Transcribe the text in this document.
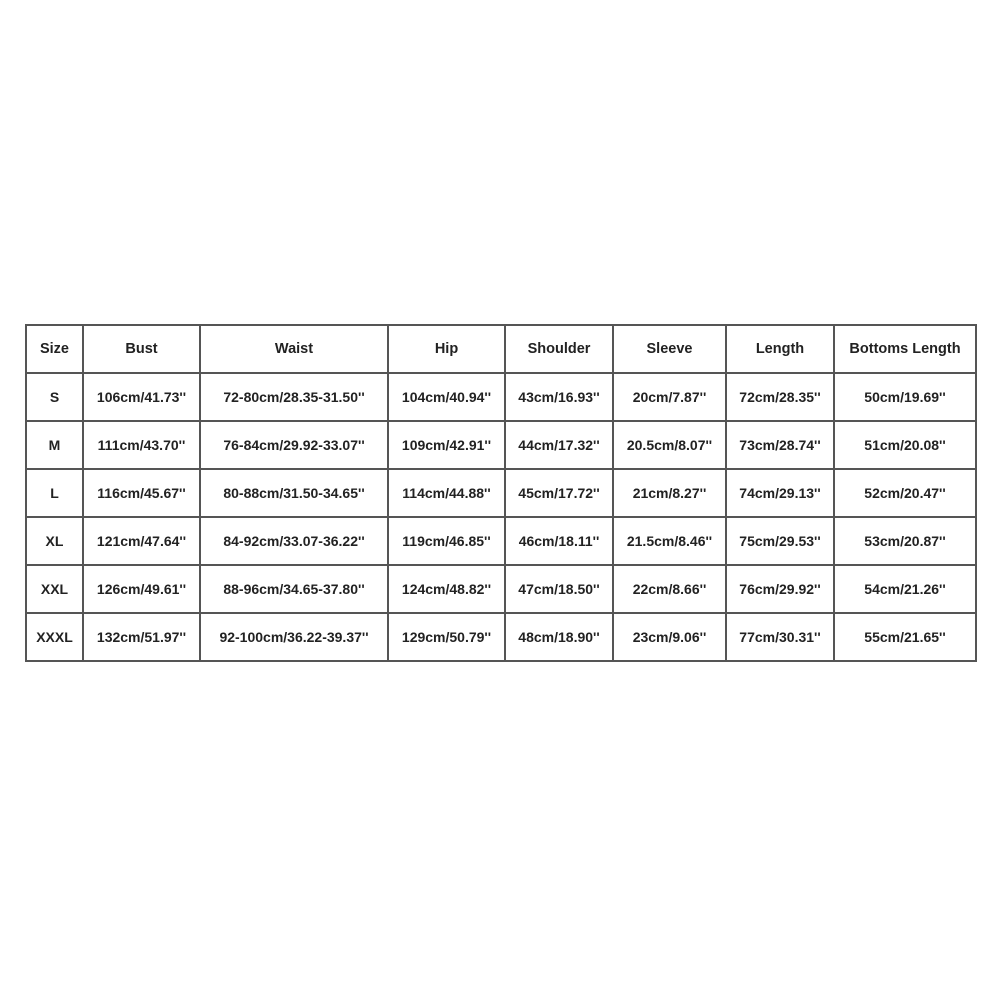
Size	Bust	Waist	Hip	Shoulder	Sleeve	Length	Bottoms Length
S	106cm/41.73''	72-80cm/28.35-31.50''	104cm/40.94''	43cm/16.93''	20cm/7.87''	72cm/28.35''	50cm/19.69''
M	111cm/43.70''	76-84cm/29.92-33.07''	109cm/42.91''	44cm/17.32''	20.5cm/8.07''	73cm/28.74''	51cm/20.08''
L	116cm/45.67''	80-88cm/31.50-34.65''	114cm/44.88''	45cm/17.72''	21cm/8.27''	74cm/29.13''	52cm/20.47''
XL	121cm/47.64''	84-92cm/33.07-36.22''	119cm/46.85''	46cm/18.11''	21.5cm/8.46''	75cm/29.53''	53cm/20.87''
XXL	126cm/49.61''	88-96cm/34.65-37.80''	124cm/48.82''	47cm/18.50''	22cm/8.66''	76cm/29.92''	54cm/21.26''
XXXL	132cm/51.97''	92-100cm/36.22-39.37''	129cm/50.79''	48cm/18.90''	23cm/9.06''	77cm/30.31''	55cm/21.65''
